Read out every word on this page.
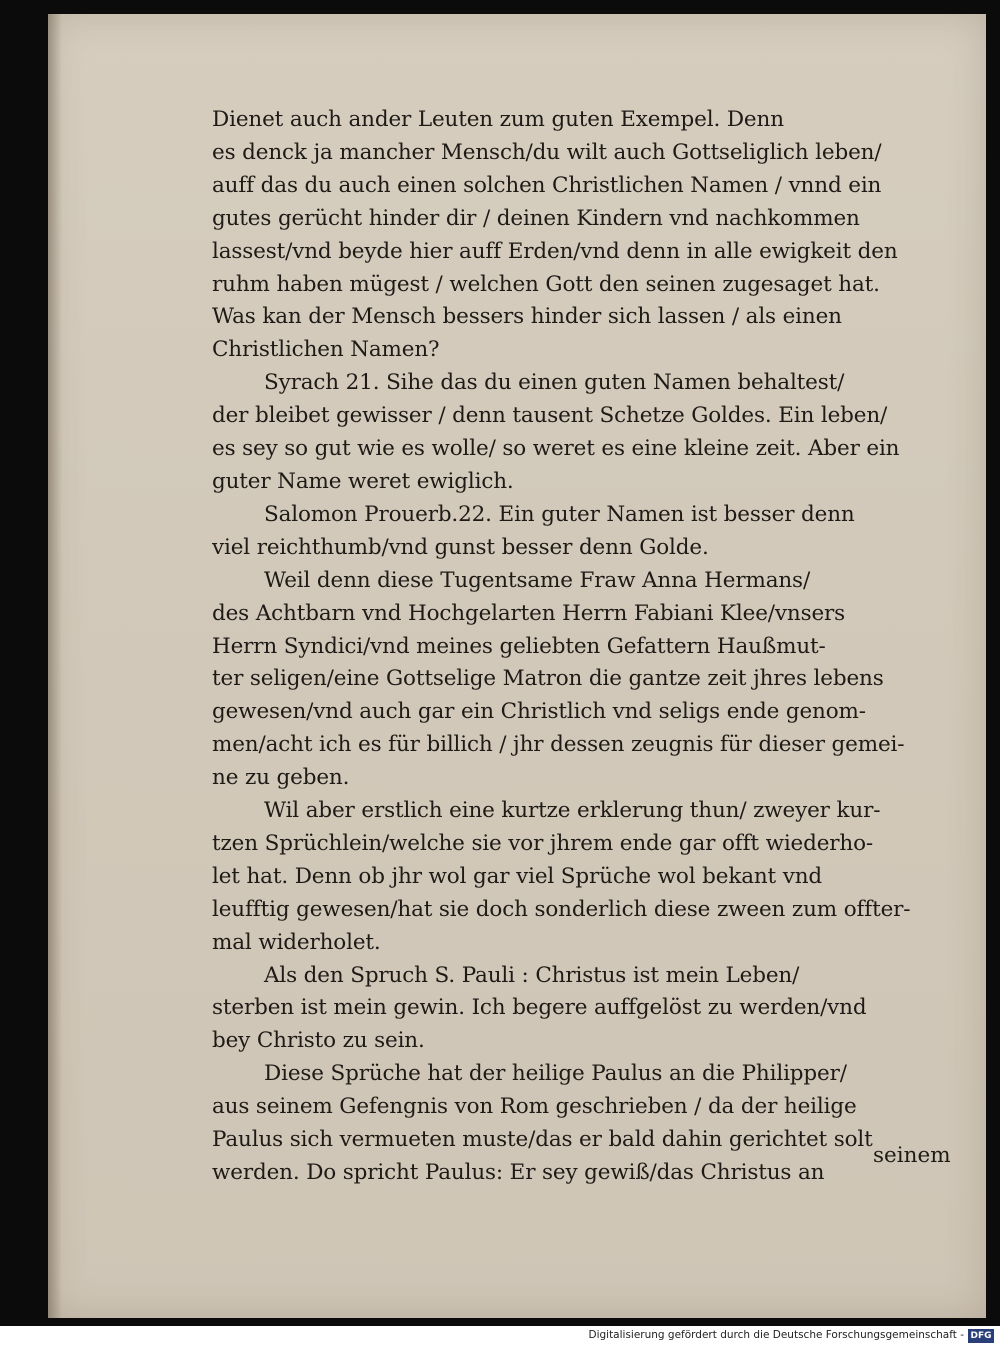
Dienet auch ander Leuten zum guten Exempel. Denn
es denck ja mancher Mensch/du wilt auch Gottseliglich leben/
auff das du auch einen solchen Christlichen Namen / vnnd ein
gutes gerücht hinder dir / deinen Kindern vnd nachkommen
lassest/vnd beyde hier auff Erden/vnd denn in alle ewigkeit den
ruhm haben mügest / welchen Gott den seinen zugesaget hat.
Was kan der Mensch bessers hinder sich lassen / als einen
Christlichen Namen?
Syrach 21. Sihe das du einen guten Namen behaltest/
der bleibet gewisser / denn tausent Schetze Goldes. Ein leben/
es sey so gut wie es wolle/ so weret es eine kleine zeit. Aber ein
guter Name weret ewiglich.
Salomon Prouerb.22. Ein guter Namen ist besser denn
viel reichthumb/vnd gunst besser denn Golde.
Weil denn diese Tugentsame Fraw Anna Hermans/
des Achtbarn vnd Hochgelarten Herrn Fabiani Klee/vnsers
Herrn Syndici/vnd meines geliebten Gefattern Haußmut-
ter seligen/eine Gottselige Matron die gantze zeit jhres lebens
gewesen/vnd auch gar ein Christlich vnd seligs ende genom-
men/acht ich es für billich / jhr dessen zeugnis für dieser gemei-
ne zu geben.
Wil aber erstlich eine kurtze erklerung thun/ zweyer kur-
tzen Sprüchlein/welche sie vor jhrem ende gar offt wiederho-
let hat. Denn ob jhr wol gar viel Sprüche wol bekant vnd
leufftig gewesen/hat sie doch sonderlich diese zween zum offter-
mal widerholet.
Als den Spruch S. Pauli : Christus ist mein Leben/
sterben ist mein gewin. Ich begere auffgelöst zu werden/vnd
bey Christo zu sein.
Diese Sprüche hat der heilige Paulus an die Philipper/
aus seinem Gefengnis von Rom geschrieben / da der heilige
Paulus sich vermueten muste/das er bald dahin gerichtet solt
werden. Do spricht Paulus: Er sey gewiß/das Christus an
seinem
Digitalisierung gefördert durch die Deutsche Forschungsgemeinschaft - DFG
